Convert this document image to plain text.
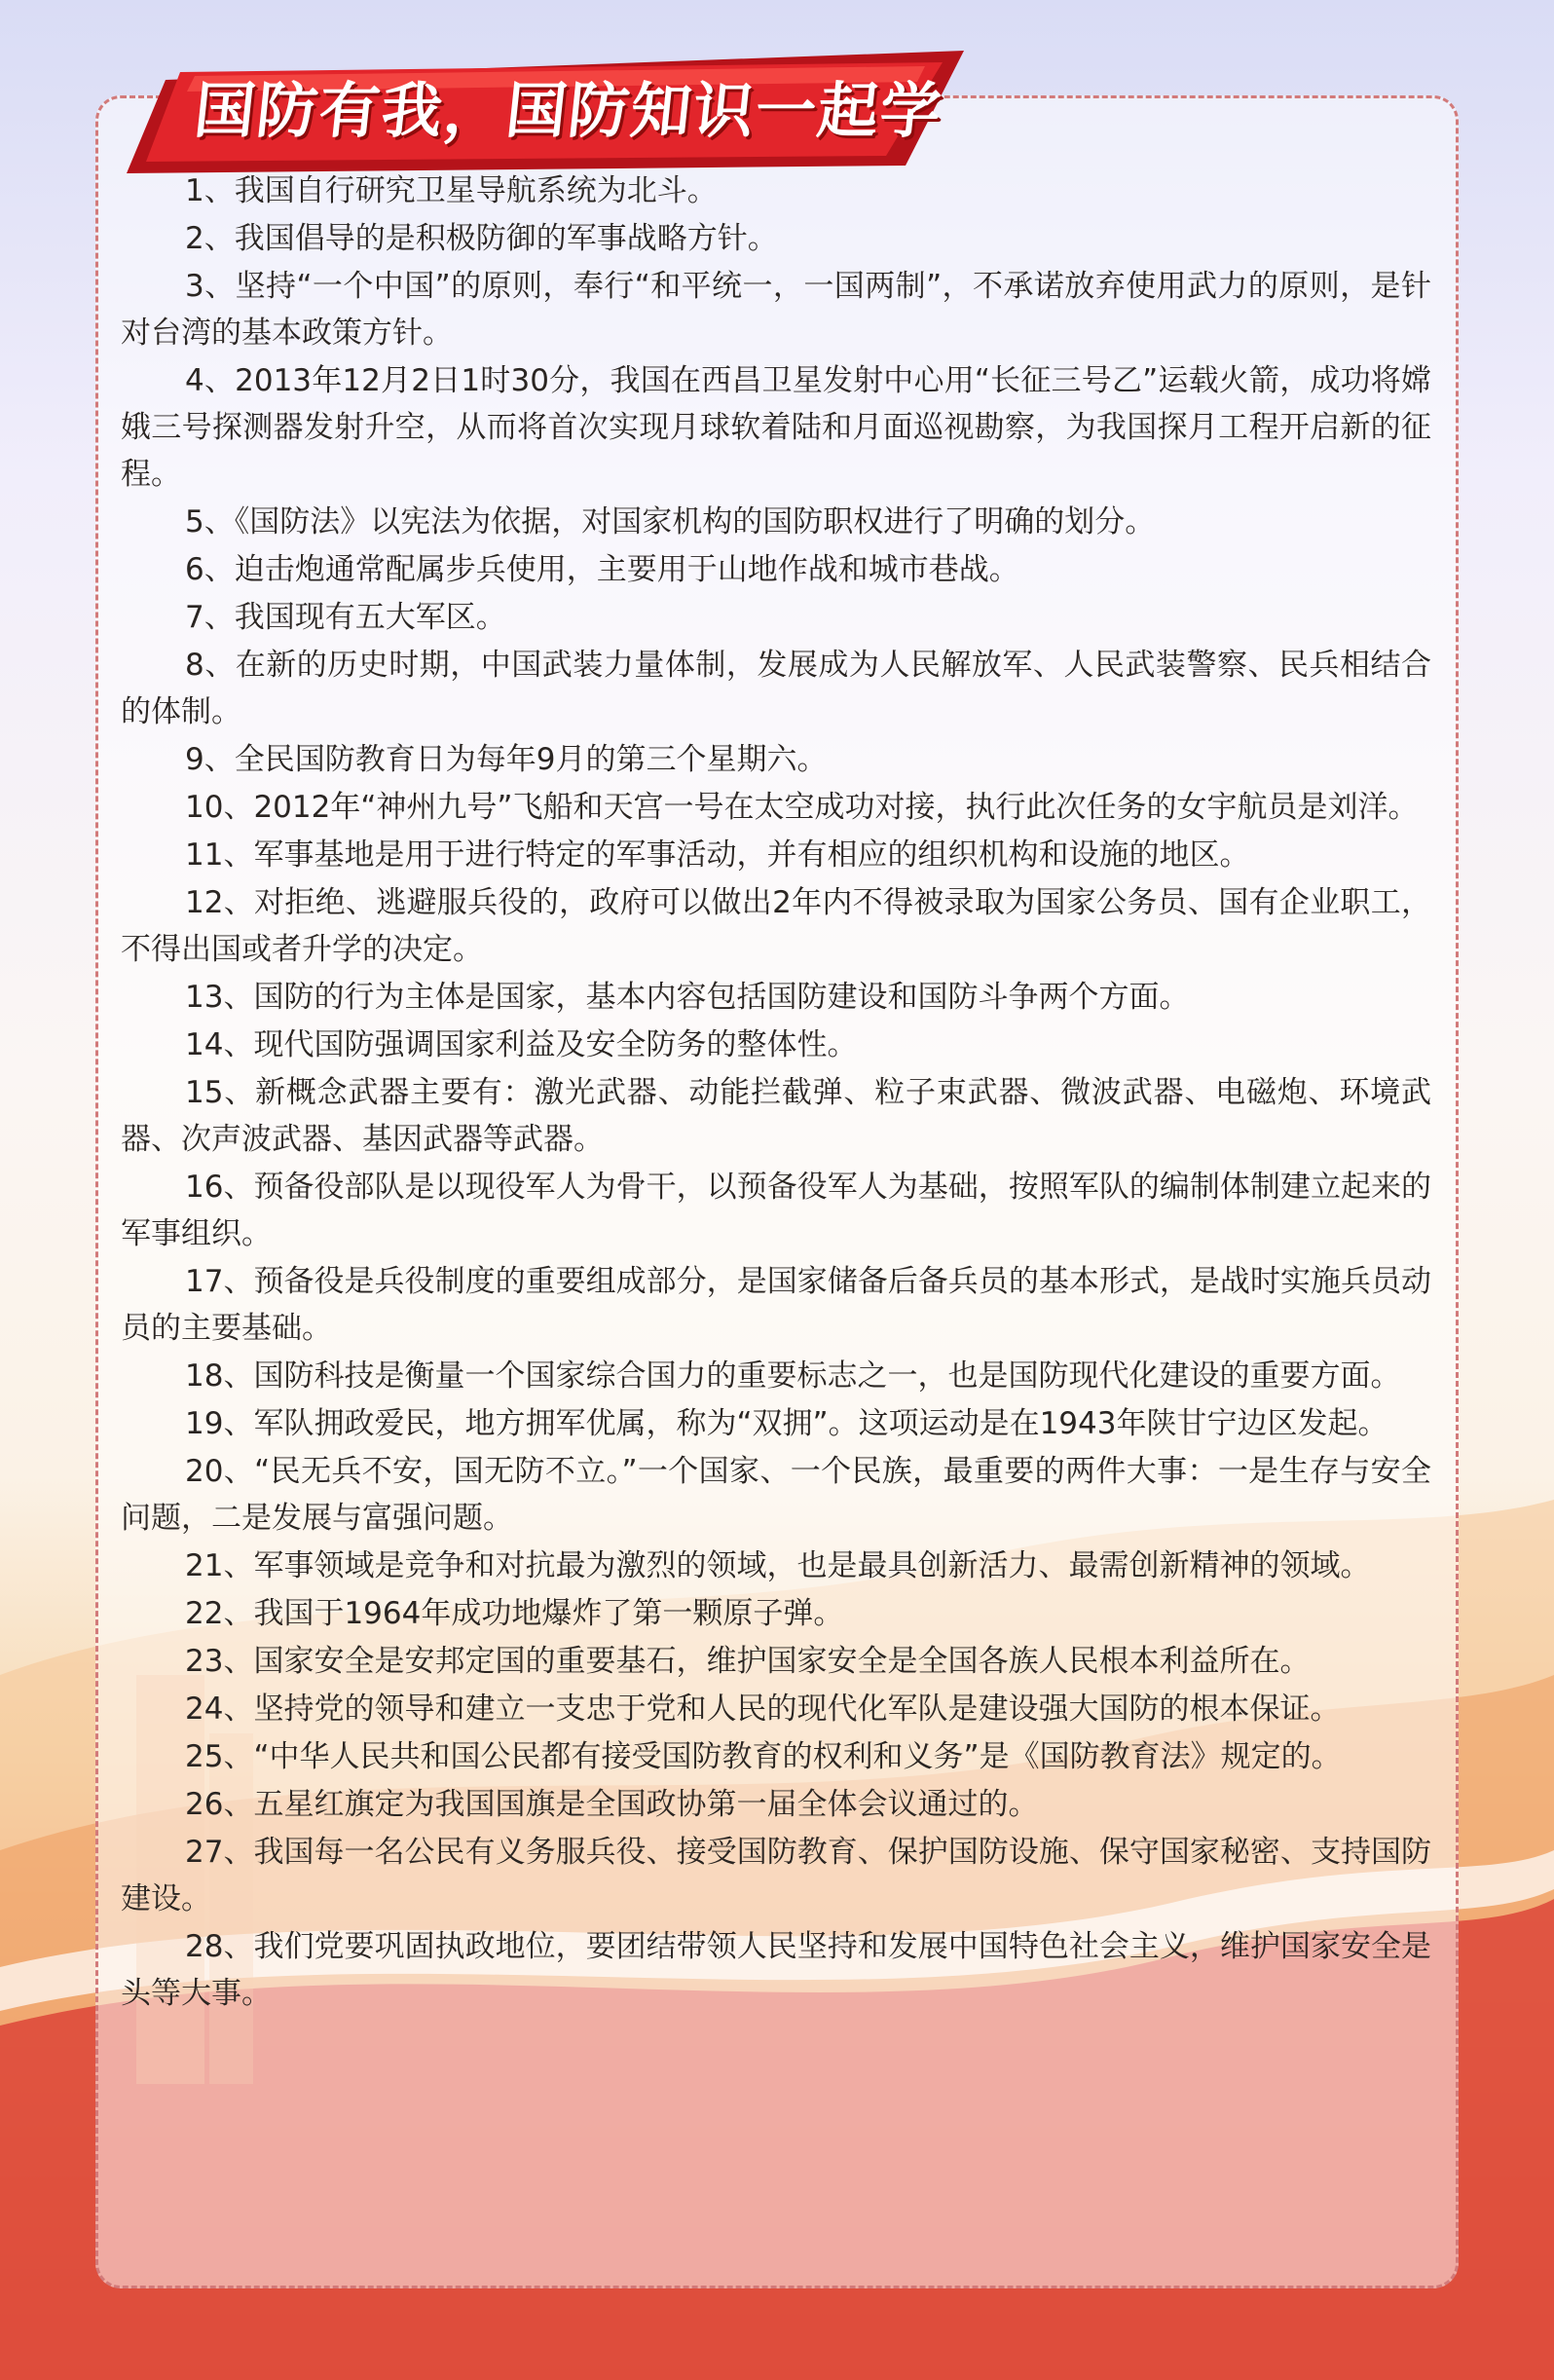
国防有我，国防知识一起学
1、我国自行研究卫星导航系统为北斗。
2、我国倡导的是积极防御的军事战略方针。
3、坚持“一个中国”的原则，奉行“和平统一，一国两制”，不承诺放弃使用武力的原则，是针对台湾的基本政策方针。
4、2013年12月2日1时30分，我国在西昌卫星发射中心用“长征三号乙”运载火箭，成功将嫦娥三号探测器发射升空，从而将首次实现月球软着陆和月面巡视勘察，为我国探月工程开启新的征程。
5、《国防法》以宪法为依据，对国家机构的国防职权进行了明确的划分。
6、迫击炮通常配属步兵使用，主要用于山地作战和城市巷战。
7、我国现有五大军区。
8、在新的历史时期，中国武装力量体制，发展成为人民解放军、人民武装警察、民兵相结合的体制。
9、全民国防教育日为每年9月的第三个星期六。
10、2012年“神州九号”飞船和天宫一号在太空成功对接，执行此次任务的女宇航员是刘洋。
11、军事基地是用于进行特定的军事活动，并有相应的组织机构和设施的地区。
12、对拒绝、逃避服兵役的，政府可以做出2年内不得被录取为国家公务员、国有企业职工，不得出国或者升学的决定。
13、国防的行为主体是国家，基本内容包括国防建设和国防斗争两个方面。
14、现代国防强调国家利益及安全防务的整体性。
15、新概念武器主要有：激光武器、动能拦截弹、粒子束武器、微波武器、电磁炮、环境武器、次声波武器、基因武器等武器。
16、预备役部队是以现役军人为骨干，以预备役军人为基础，按照军队的编制体制建立起来的军事组织。
17、预备役是兵役制度的重要组成部分，是国家储备后备兵员的基本形式，是战时实施兵员动员的主要基础。
18、国防科技是衡量一个国家综合国力的重要标志之一，也是国防现代化建设的重要方面。
19、军队拥政爱民，地方拥军优属，称为“双拥”。这项运动是在1943年陕甘宁边区发起。
20、“民无兵不安，国无防不立。”一个国家、一个民族，最重要的两件大事：一是生存与安全问题，二是发展与富强问题。
21、军事领域是竞争和对抗最为激烈的领域，也是最具创新活力、最需创新精神的领域。
22、我国于1964年成功地爆炸了第一颗原子弹。
23、国家安全是安邦定国的重要基石，维护国家安全是全国各族人民根本利益所在。
24、坚持党的领导和建立一支忠于党和人民的现代化军队是建设强大国防的根本保证。
25、“中华人民共和国公民都有接受国防教育的权利和义务”是《国防教育法》规定的。
26、五星红旗定为我国国旗是全国政协第一届全体会议通过的。
27、我国每一名公民有义务服兵役、接受国防教育、保护国防设施、保守国家秘密、支持国防建设。
28、我们党要巩固执政地位，要团结带领人民坚持和发展中国特色社会主义，维护国家安全是头等大事。
